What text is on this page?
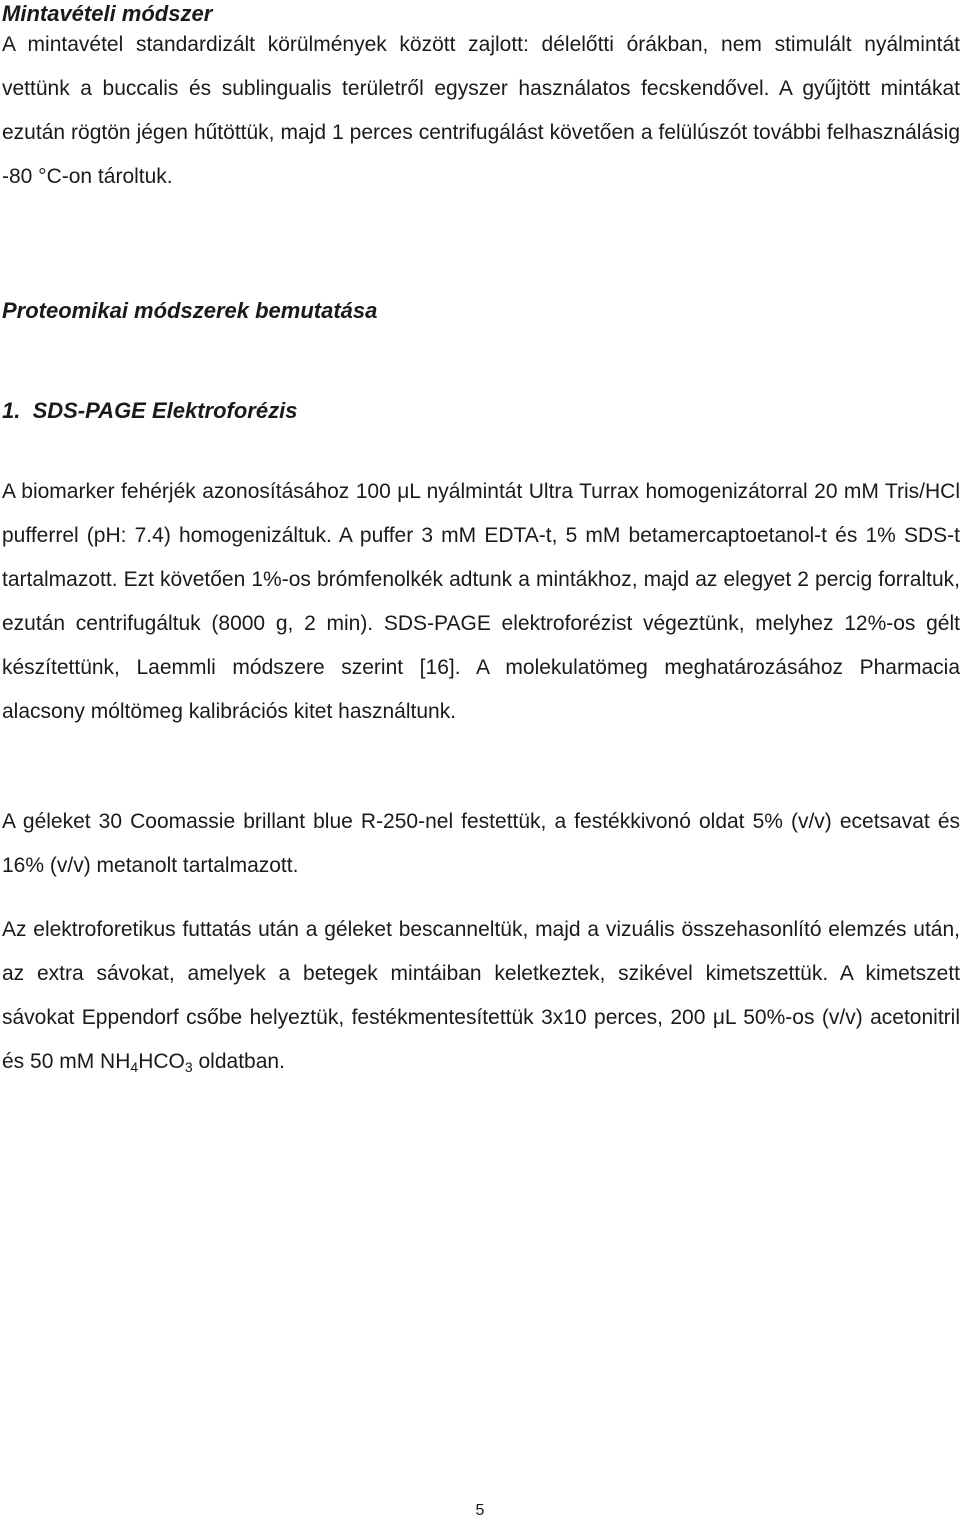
Mintavételi módszer

A mintavétel standardizált körülmények között zajlott: délelőtti órákban, nem stimulált nyálmintát vettünk a buccalis és sublingualis területről egyszer használatos fecskendővel. A gyűjtött mintákat ezután rögtön jégen hűtöttük, majd 1 perces centrifugálást követően a felülúszót további felhasználásig -80 °C-on tároltuk.

Proteomikai módszerek bemutatása
1.  SDS-PAGE Elektroforézis

A biomarker fehérjék azonosításához 100 μL nyálmintát Ultra Turrax homogenizátorral 20 mM Tris/HCl pufferrel (pH: 7.4) homogenizáltuk. A puffer 3 mM EDTA-t, 5 mM betamercaptoetanol-t és 1% SDS-t tartalmazott. Ezt követően 1%-os brómfenolkék adtunk a mintákhoz, majd az elegyet 2 percig forraltuk, ezután centrifugáltuk (8000 g, 2 min). SDS-PAGE elektroforézist végeztünk, melyhez 12%-os gélt készítettünk, Laemmli módszere szerint [16]. A molekulatömeg meghatározásához Pharmacia alacsony móltömeg kalibrációs kitet használtunk.

A géleket 30 Coomassie brillant blue R-250-nel festettük, a festékkivonó oldat 5% (v/v) ecetsavat és 16% (v/v) metanolt tartalmazott.

Az elektroforetikus futtatás után a géleket bescanneltük, majd a vizuális összehasonlító elemzés után, az extra sávokat, amelyek a betegek mintáiban keletkeztek, szikével kimetszettük. A kimetszett sávokat Eppendorf csőbe helyeztük, festékmentesítettük 3x10 perces, 200 μL 50%-os (v/v) acetonitril és 50 mM $NH_4HCO_3$ oldatban.

5
